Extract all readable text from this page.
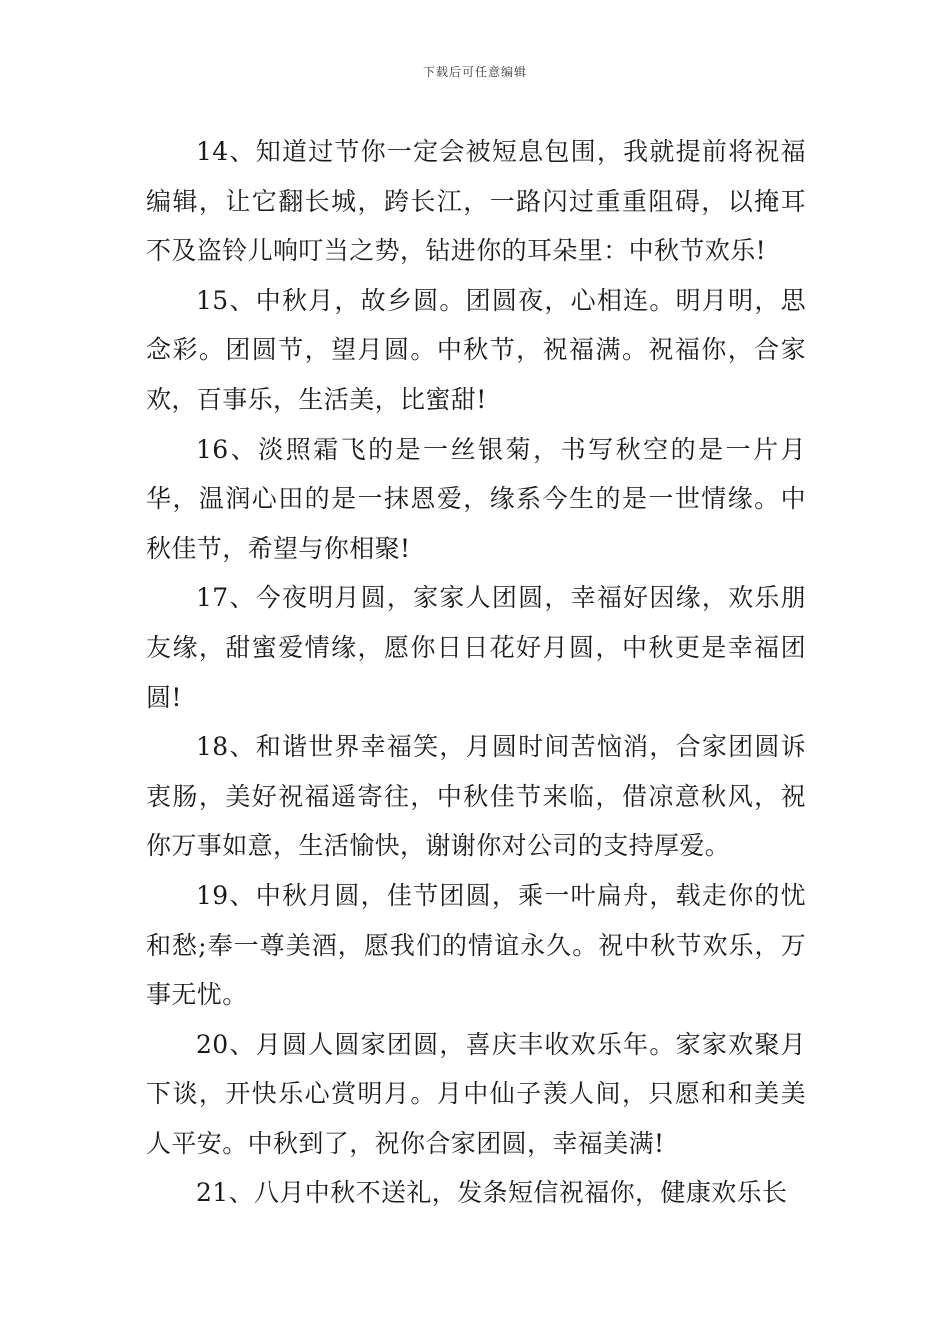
下载后可任意编辑

14、知道过节你一定会被短息包围，我就提前将祝福编辑，让它翻长城，跨长江，一路闪过重重阻碍，以掩耳不及盗铃儿响叮当之势，钻进你的耳朵里：中秋节欢乐!

15、中秋月，故乡圆。团圆夜，心相连。明月明，思念彩。团圆节，望月圆。中秋节，祝福满。祝福你，合家欢，百事乐，生活美，比蜜甜!

16、淡照霜飞的是一丝银菊，书写秋空的是一片月华，温润心田的是一抹恩爱，缘系今生的是一世情缘。中秋佳节，希望与你相聚!

17、今夜明月圆，家家人团圆，幸福好因缘，欢乐朋友缘，甜蜜爱情缘，愿你日日花好月圆，中秋更是幸福团圆!

18、和谐世界幸福笑，月圆时间苦恼消，合家团圆诉衷肠，美好祝福遥寄往，中秋佳节来临，借凉意秋风，祝你万事如意，生活愉快，谢谢你对公司的支持厚爱。

19、中秋月圆，佳节团圆，乘一叶扁舟，载走你的忧和愁;奉一尊美酒，愿我们的情谊永久。祝中秋节欢乐，万事无忧。

20、月圆人圆家团圆，喜庆丰收欢乐年。家家欢聚月下谈，开快乐心赏明月。月中仙子羡人间，只愿和和美美人平安。中秋到了，祝你合家团圆，幸福美满!

21、八月中秋不送礼，发条短信祝福你，健康欢乐长
